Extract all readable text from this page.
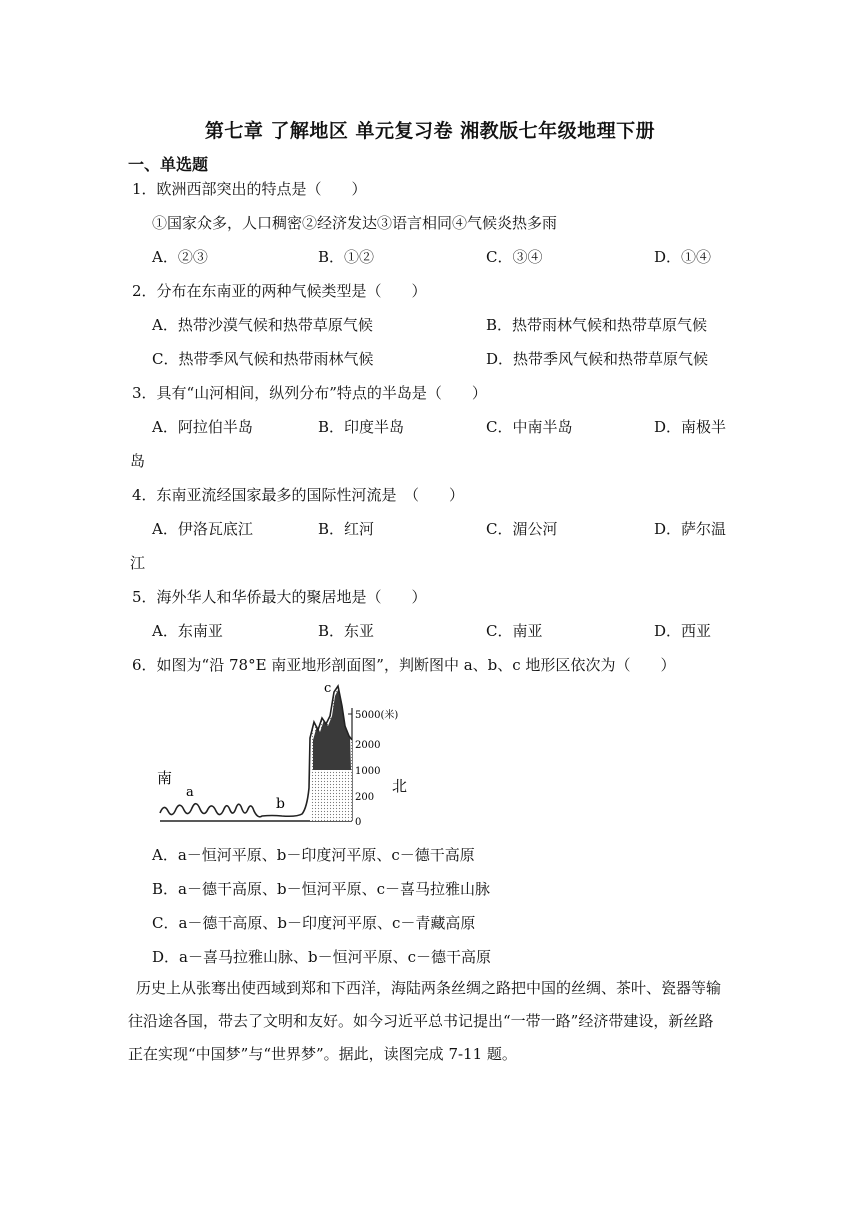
第七章 了解地区 单元复习卷 湘教版七年级地理下册
一、单选题
1．欧洲西部突出的特点是（　　）
①国家众多，人口稠密②经济发达③语言相同④气候炎热多雨
A．②③	B．①②	C．③④	D．①④
2．分布在东南亚的两种气候类型是（　　）
A．热带沙漠气候和热带草原气候	B．热带雨林气候和热带草原气候
C．热带季风气候和热带雨林气候	D．热带季风气候和热带草原气候
3．具有“山河相间，纵列分布”特点的半岛是（　　）
A．阿拉伯半岛	B．印度半岛	C．中南半岛	D．南极半
岛
4．东南亚流经国家最多的国际性河流是　（　　）
A．伊洛瓦底江	B．红河	C．湄公河	D．萨尔温
江
5．海外华人和华侨最大的聚居地是（　　）
A．东南亚	B．东亚	C．南亚	D．西亚
6．如图为“沿 78°E 南亚地形剖面图”，判断图中 a、b、c 地形区依次为（　　）
南
a
b
c
北
5000(米)
2000
1000
200
0
A．a－恒河平原、b－印度河平原、c－德干高原
B．a－德干高原、b－恒河平原、c－喜马拉雅山脉
C．a－德干高原、b－印度河平原、c－青藏高原
D．a－喜马拉雅山脉、b－恒河平原、c－德干高原
历史上从张骞出使西域到郑和下西洋，海陆两条丝绸之路把中国的丝绸、茶叶、瓷器等输往沿途各国，带去了文明和友好。如今习近平总书记提出“一带一路”经济带建设，新丝路正在实现“中国梦”与“世界梦”。据此，读图完成 7-11 题。
